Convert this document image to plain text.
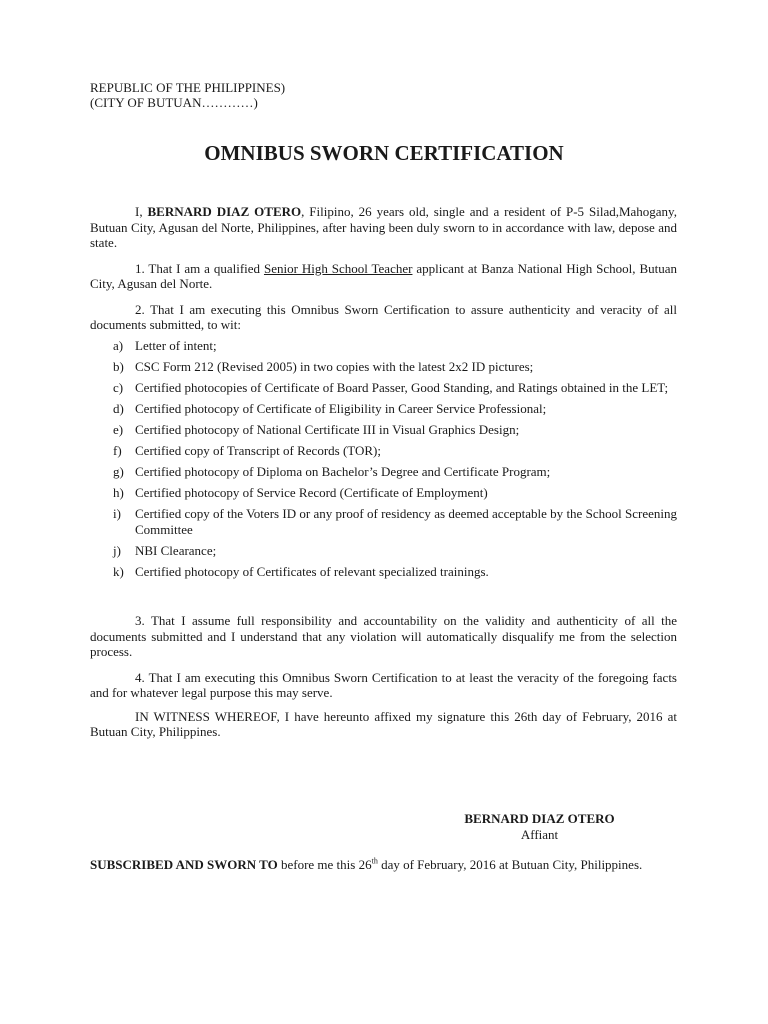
REPUBLIC OF THE PHILIPPINES)
(CITY OF BUTUAN…………)
OMNIBUS SWORN CERTIFICATION

I, BERNARD DIAZ OTERO, Filipino, 26 years old, single and a resident of P-5 Silad,Mahogany, Butuan City, Agusan del Norte, Philippines, after having been duly sworn to in accordance with law, depose and state.

1. That I am a qualified Senior High School Teacher applicant at Banza National High School, Butuan City, Agusan del Norte.

2. That I am executing this Omnibus Sworn Certification to assure authenticity and veracity of all documents submitted, to wit:

a) Letter of intent;
b) CSC Form 212 (Revised 2005) in two copies with the latest 2x2 ID pictures;
c) Certified photocopies of Certificate of Board Passer, Good Standing, and Ratings obtained in the LET;
d) Certified photocopy of Certificate of Eligibility in Career Service Professional;
e) Certified photocopy of National Certificate III in Visual Graphics Design;
f) Certified copy of Transcript of Records (TOR);
g) Certified photocopy of Diploma on Bachelor’s Degree and Certificate Program;
h) Certified photocopy of Service Record (Certificate of Employment)
i) Certified copy of the Voters ID or any proof of residency as deemed acceptable by the School Screening Committee
j) NBI Clearance;
k) Certified photocopy of Certificates of relevant specialized trainings.

3. That I assume full responsibility and accountability on the validity and authenticity of all the documents submitted and I understand that any violation will automatically disqualify me from the selection process.

4. That I am executing this Omnibus Sworn Certification to at least the veracity of the foregoing facts and for whatever legal purpose this may serve.

IN WITNESS WHEREOF, I have hereunto affixed my signature this 26th day of February, 2016 at Butuan City, Philippines.

BERNARD DIAZ OTERO
Affiant

SUBSCRIBED AND SWORN TO before me this 26th day of February, 2016 at Butuan City, Philippines.
